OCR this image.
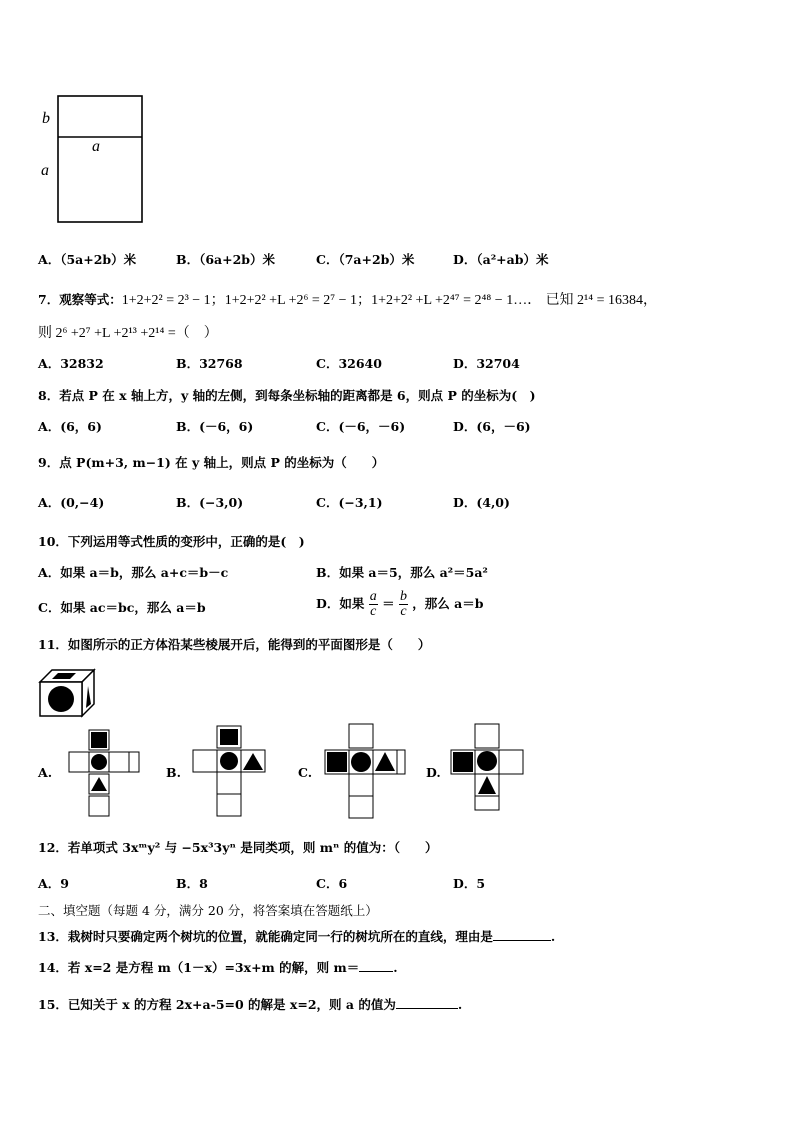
b
a
a
A．（5a+2b）米	B．（6a+2b）米	C．（7a+2b）米	D．（a²+ab）米
7．观察等式：1+2+2² = 2³ − 1；1+2+2² +L +2⁶ = 2⁷ − 1；1+2+2² +L +2⁴⁷ = 2⁴⁸ − 1…． 已知 2¹⁴ = 16384，
则 2⁶ +2⁷ +L +2¹³ +2¹⁴ =（　）
A．32832	B．32768	C．32640	D．32704
8．若点 P 在 x 轴上方，y 轴的左侧，到每条坐标轴的距离都是 6，则点 P 的坐标为(　)
A．(6，6)	B．(－6，6)	C．(－6，－6)	D．(6，－6)
9．点 P(m+3, m−1) 在 y 轴上，则点 P 的坐标为（　　）
A．(0,−4)	B．(−3,0)	C．(−3,1)	D．(4,0)
10．下列运用等式性质的变形中，正确的是(　)
A．如果 a＝b，那么 a+c＝b－c	B．如果 a＝5，那么 a²＝5a²
C．如果 ac＝bc，那么 a＝b	D．如果 $\frac{a}{c} = \frac{b}{c}$ ，那么 a＝b
11．如图所示的正方体沿某些棱展开后，能得到的平面图形是（　　）
A.	B.	C.	D.
12．若单项式 3xᵐy² 与 −5x³3yⁿ 是同类项，则 mⁿ 的值为：（　　）
A．9	B．8	C．6	D．5
二、填空题（每题 4 分，满分 20 分，将答案填在答题纸上）
13．栽树时只要确定两个树坑的位置，就能确定同一行的树坑所在的直线，理由是	.
14．若 x=2 是方程 m（1－x）=3x+m 的解，则 m＝	.
15．已知关于 x 的方程 2x+a-5=0 的解是 x=2，则 a 的值为	.
